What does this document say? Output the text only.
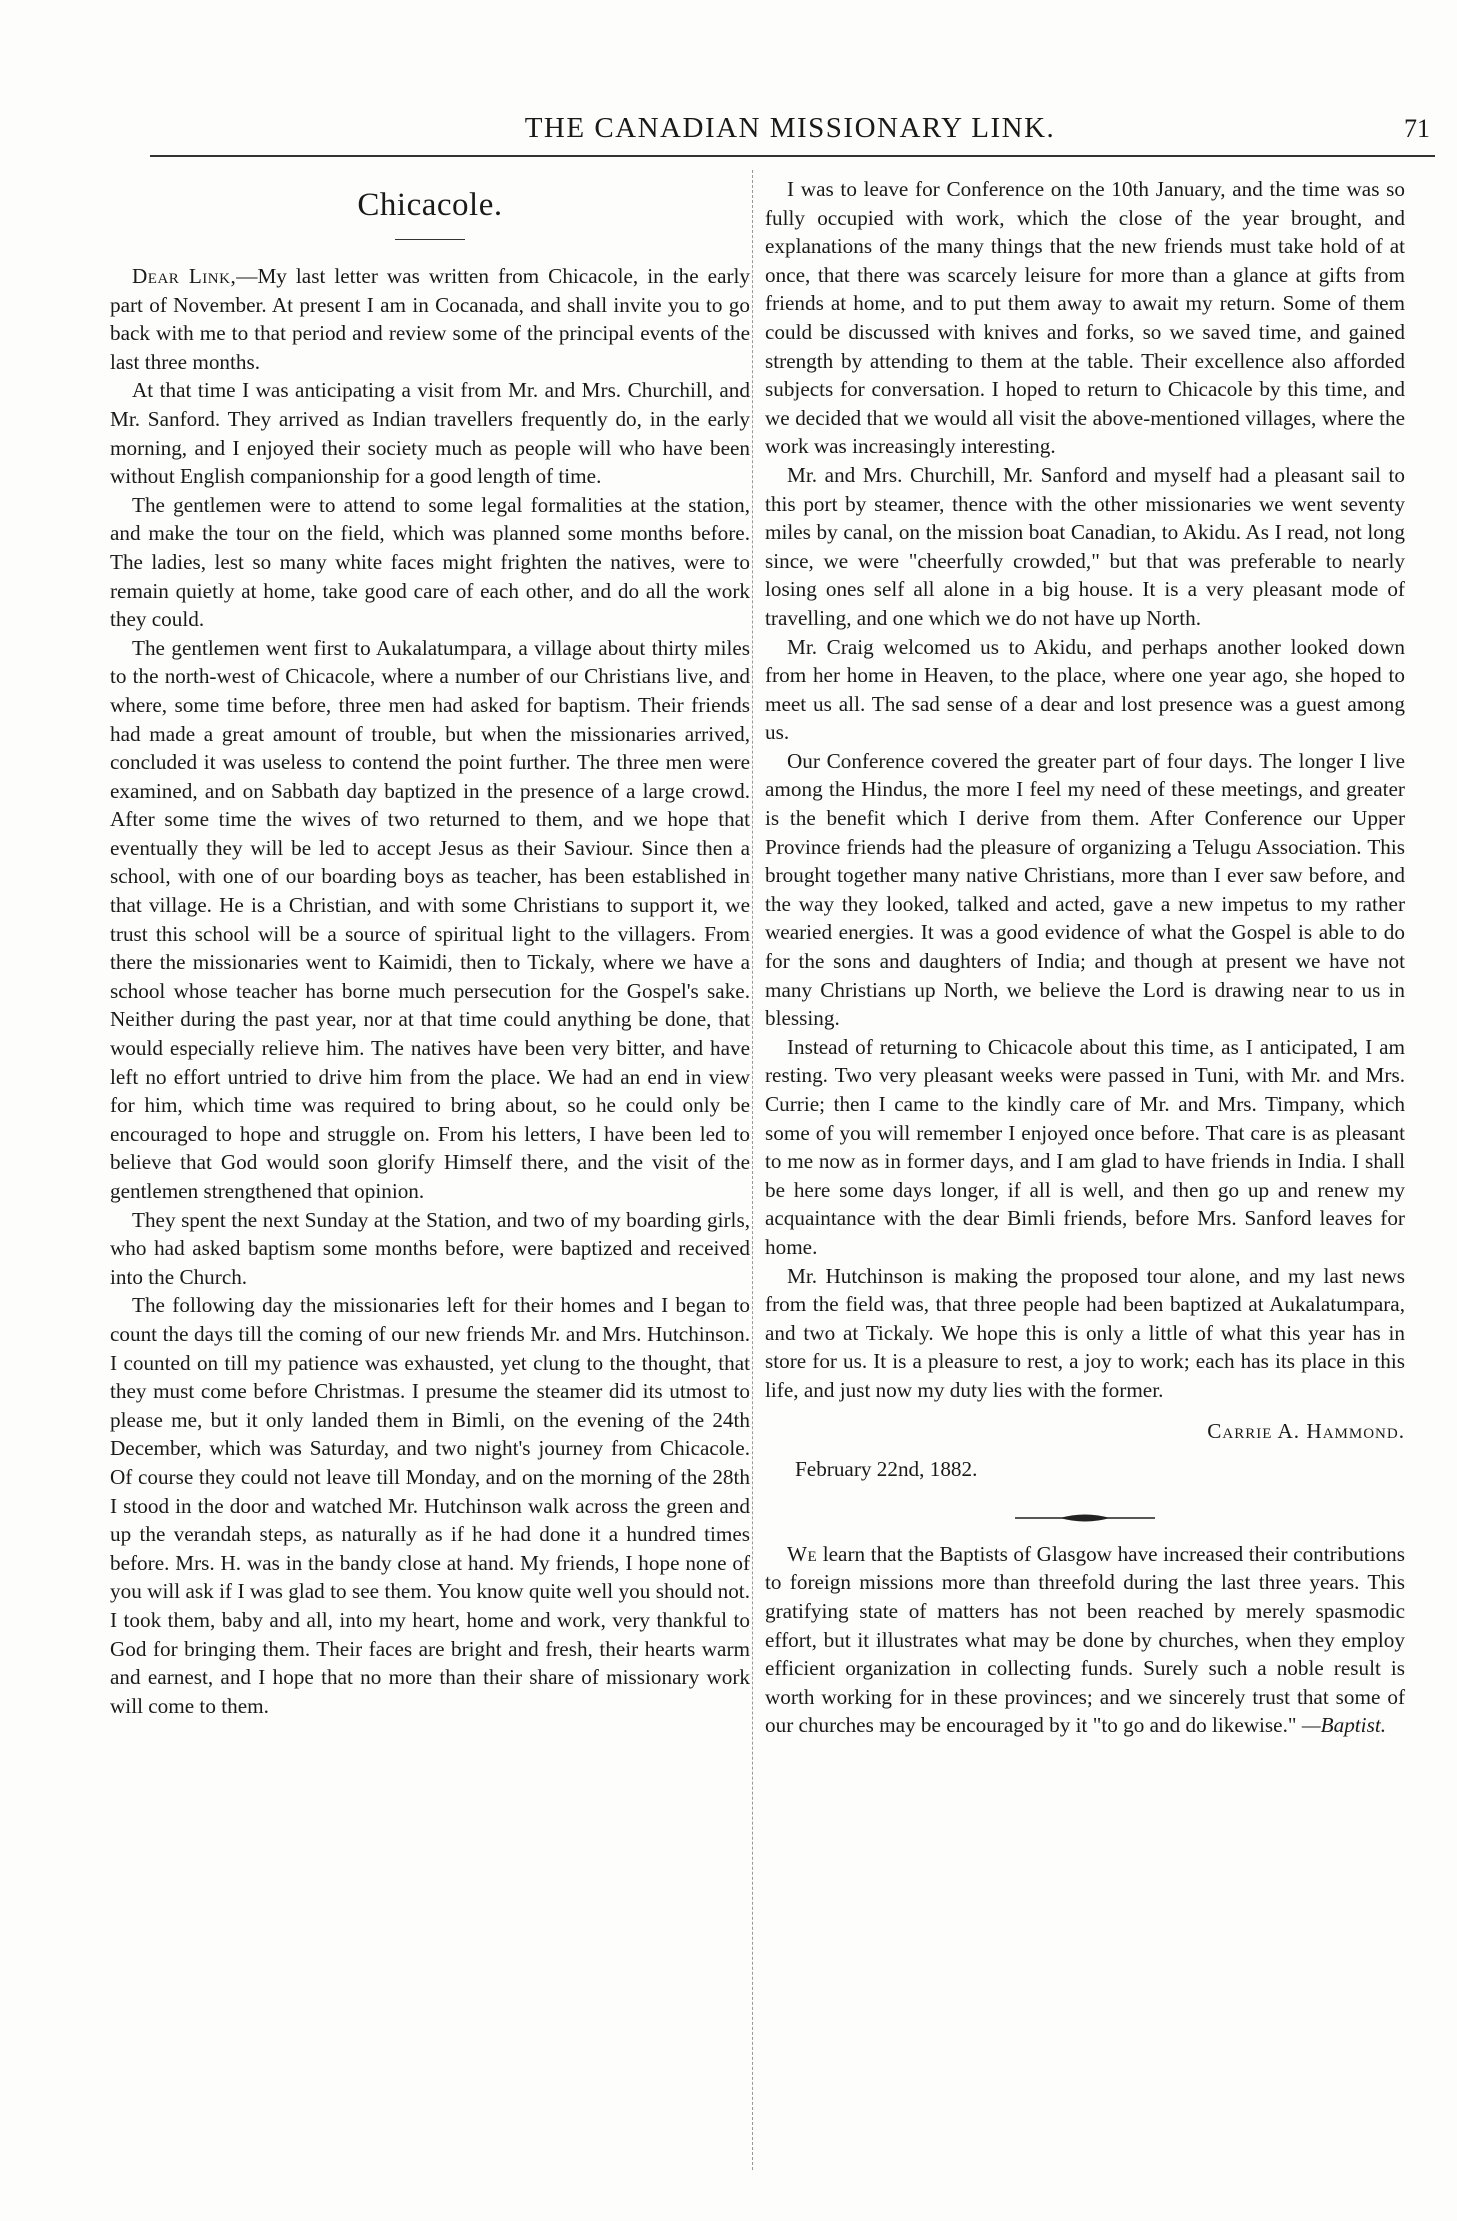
THE CANADIAN MISSIONARY LINK.	71
Chicacole.

Dear Link,—My last letter was written from Chicacole, in the early part of November. At present I am in Cocanada, and shall invite you to go back with me to that period and review some of the principal events of the last three months.

At that time I was anticipating a visit from Mr. and Mrs. Churchill, and Mr. Sanford. They arrived as Indian travellers frequently do, in the early morning, and I enjoyed their society much as people will who have been without English companionship for a good length of time.

The gentlemen were to attend to some legal formalities at the station, and make the tour on the field, which was planned some months before. The ladies, lest so many white faces might frighten the natives, were to remain quietly at home, take good care of each other, and do all the work they could.

The gentlemen went first to Aukalatumpara, a village about thirty miles to the north-west of Chicacole, where a number of our Christians live, and where, some time before, three men had asked for baptism. Their friends had made a great amount of trouble, but when the missionaries arrived, concluded it was useless to contend the point further. The three men were examined, and on Sabbath day baptized in the presence of a large crowd. After some time the wives of two returned to them, and we hope that eventually they will be led to accept Jesus as their Saviour. Since then a school, with one of our boarding boys as teacher, has been established in that village. He is a Christian, and with some Christians to support it, we trust this school will be a source of spiritual light to the villagers. From there the missionaries went to Kaimidi, then to Tickaly, where we have a school whose teacher has borne much persecution for the Gospel's sake. Neither during the past year, nor at that time could anything be done, that would especially relieve him. The natives have been very bitter, and have left no effort untried to drive him from the place. We had an end in view for him, which time was required to bring about, so he could only be encouraged to hope and struggle on. From his letters, I have been led to believe that God would soon glorify Himself there, and the visit of the gentlemen strengthened that opinion.

They spent the next Sunday at the Station, and two of my boarding girls, who had asked baptism some months before, were baptized and received into the Church.

The following day the missionaries left for their homes and I began to count the days till the coming of our new friends Mr. and Mrs. Hutchinson. I counted on till my patience was exhausted, yet clung to the thought, that they must come before Christmas. I presume the steamer did its utmost to please me, but it only landed them in Bimli, on the evening of the 24th December, which was Saturday, and two night's journey from Chicacole. Of course they could not leave till Monday, and on the morning of the 28th I stood in the door and watched Mr. Hutchinson walk across the green and up the verandah steps, as naturally as if he had done it a hundred times before. Mrs. H. was in the bandy close at hand. My friends, I hope none of you will ask if I was glad to see them. You know quite well you should not. I took them, baby and all, into my heart, home and work, very thankful to God for bringing them. Their faces are bright and fresh, their hearts warm and earnest, and I hope that no more than their share of missionary work will come to them.

I was to leave for Conference on the 10th January, and the time was so fully occupied with work, which the close of the year brought, and explanations of the many things that the new friends must take hold of at once, that there was scarcely leisure for more than a glance at gifts from friends at home, and to put them away to await my return. Some of them could be discussed with knives and forks, so we saved time, and gained strength by attending to them at the table. Their excellence also afforded subjects for conversation. I hoped to return to Chicacole by this time, and we decided that we would all visit the above-mentioned villages, where the work was increasingly interesting.

Mr. and Mrs. Churchill, Mr. Sanford and myself had a pleasant sail to this port by steamer, thence with the other missionaries we went seventy miles by canal, on the mission boat Canadian, to Akidu. As I read, not long since, we were "cheerfully crowded," but that was preferable to nearly losing ones self all alone in a big house. It is a very pleasant mode of travelling, and one which we do not have up North.

Mr. Craig welcomed us to Akidu, and perhaps another looked down from her home in Heaven, to the place, where one year ago, she hoped to meet us all. The sad sense of a dear and lost presence was a guest among us.

Our Conference covered the greater part of four days. The longer I live among the Hindus, the more I feel my need of these meetings, and greater is the benefit which I derive from them. After Conference our Upper Province friends had the pleasure of organizing a Telugu Association. This brought together many native Christians, more than I ever saw before, and the way they looked, talked and acted, gave a new impetus to my rather wearied energies. It was a good evidence of what the Gospel is able to do for the sons and daughters of India; and though at present we have not many Christians up North, we believe the Lord is drawing near to us in blessing.

Instead of returning to Chicacole about this time, as I anticipated, I am resting. Two very pleasant weeks were passed in Tuni, with Mr. and Mrs. Currie; then I came to the kindly care of Mr. and Mrs. Timpany, which some of you will remember I enjoyed once before. That care is as pleasant to me now as in former days, and I am glad to have friends in India. I shall be here some days longer, if all is well, and then go up and renew my acquaintance with the dear Bimli friends, before Mrs. Sanford leaves for home.

Mr. Hutchinson is making the proposed tour alone, and my last news from the field was, that three people had been baptized at Aukalatumpara, and two at Tickaly. We hope this is only a little of what this year has in store for us. It is a pleasure to rest, a joy to work; each has its place in this life, and just now my duty lies with the former.

Carrie A. Hammond.
February 22nd, 1882.

We learn that the Baptists of Glasgow have increased their contributions to foreign missions more than threefold during the last three years. This gratifying state of matters has not been reached by merely spasmodic effort, but it illustrates what may be done by churches, when they employ efficient organization in collecting funds. Surely such a noble result is worth working for in these provinces; and we sincerely trust that some of our churches may be encouraged by it "to go and do likewise." —Baptist.
